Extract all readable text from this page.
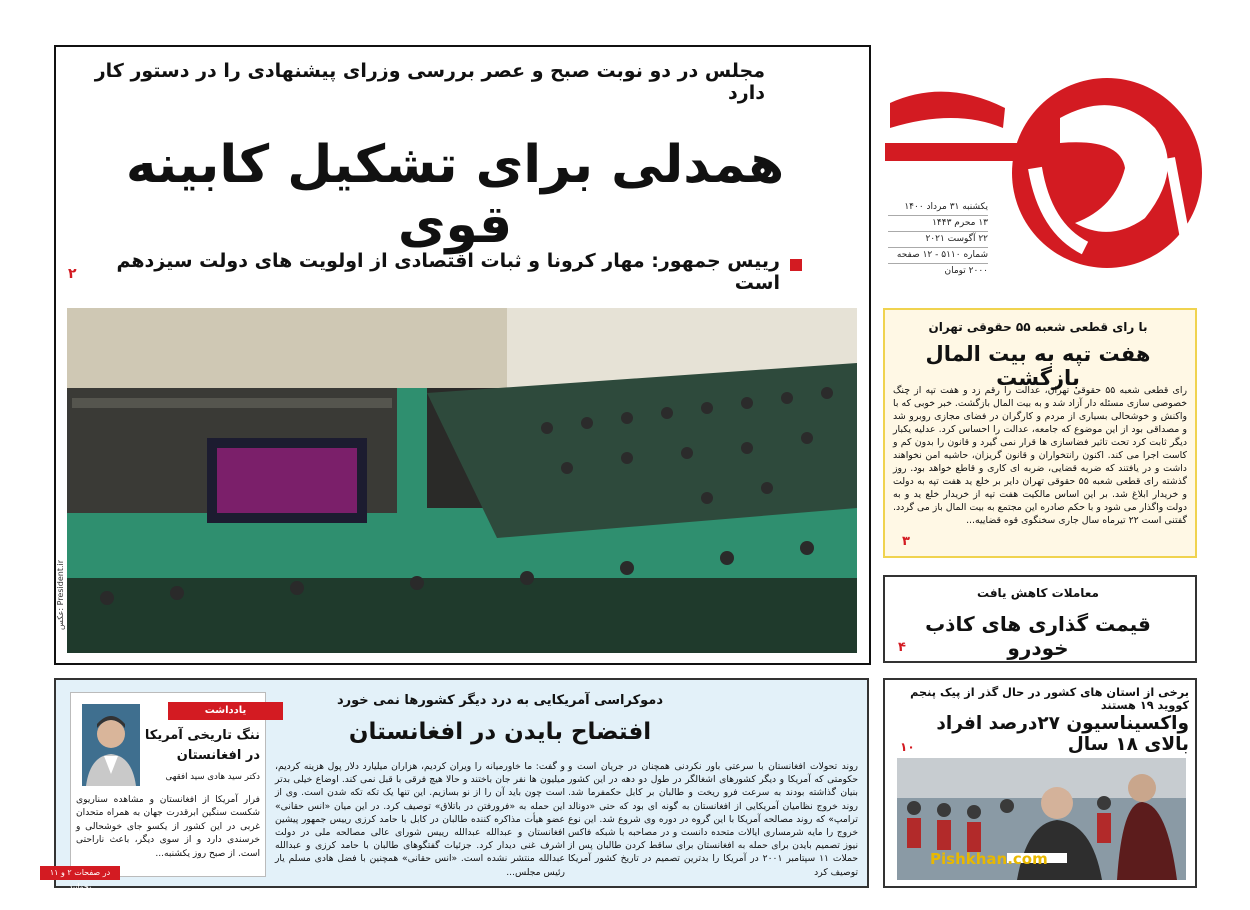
یکشنبه ۳۱ مرداد ۱۴۰۰
۱۳ محرم ۱۴۴۳
۲۲ آگوست ۲۰۲۱
شماره ۵۱۱۰ - ۱۲ صفحه
۲۰۰۰ تومان
مجلس در دو نوبت صبح و عصر بررسی وزرای پیشنهادی را در دستور کار دارد
همدلی برای تشکیل کابینه قوی
رییس جمهور: مهار کرونا و ثبات اقتصادی از اولویت های دولت سیزدهم است
۲
President.ir :عکس
با رای قطعی شعبه ۵۵ حقوقی تهران
هفت تپه به بیت المال بازگشت
رای قطعی شعبه ۵۵ حقوقی تهران، عدالت را رقم زد و هفت تپه از چنگ خصوصی سازی مسئله دار آزاد شد و به بیت المال بازگشت. خبر خوبی که با واکنش و خوشحالی بسیاری از مردم و کارگران در فضای مجازی روبرو شد و مصداقی بود از این موضوع که جامعه، عدالت را احساس کرد. عدلیه یکبار دیگر ثابت کرد تحت تاثیر فضاسازی ها قرار نمی گیرد و قانون را بدون کم و کاست اجرا می کند. اکنون رانتخواران و قانون گریزان، حاشیه امن نخواهند داشت و در یافتند که ضربه قضایی، ضربه ای کاری و قاطع خواهد بود. روز گذشته رای قطعی شعبه ۵۵ حقوقی تهران دایر بر خلع ید هفت تپه به دولت و خریدار ابلاغ شد. بر این اساس مالکیت هفت تپه از خریدار خلع ید و به دولت واگذار می شود و با حکم صادره این مجتمع به بیت المال باز می گردد. گفتنی است ۲۲ تیرماه سال جاری سخنگوی قوه قضاییه...
۳
معاملات کاهش یافت
قیمت گذاری های کاذب خودرو
۴
دموکراسی آمریکایی به درد دیگر کشورها نمی خورد
افتضاح بایدن در افغانستان
روند تحولات افغانستان با سرعتی باور نکردنی همچنان در جریان است و حکومتی که آمریکا و دیگر کشورهای اشغالگر در طول دو دهه در این کشور بنیان گذاشته بودند به سرعت فرو ریخت و طالبان بر کابل حکمفرما شد. روند خروج نظامیان آمریکایی از افغانستان به گونه ای بود که حتی «دونالد ترامپ» که روند مصالحه آمریکا با این گروه در دوره وی شروع شد. این نوع خروج را مایه شرمساری ایالات متحده دانست و در مصاحبه با شبکه فاکس نیوز تصمیم بایدن برای حمله به افغانستان برای ساقط کردن طالبان پس از حملات ۱۱ سپتامبر ۲۰۰۱ در آمریکا را بدترین تصمیم در تاریخ کشور آمریکا توصیف کرد
و گفت: ما خاورمیانه را ویران کردیم، هزاران میلیارد دلار پول هزینه کردیم، میلیون ها نفر جان باختند و حالا هیچ فرقی با قبل نمی کند. اوضاع خیلی بدتر است چون باید آن را از نو بسازیم. این تنها یک تکه تکه شدن است. وی از این حمله به «فرورفتن در باتلاق» توصیف کرد. در این میان «انس حقانی» عضو هیأت مذاکره کننده طالبان در کابل با حامد کرزی رییس جمهور پیشین افغانستان و عبدالله عبدالله رییس شورای عالی مصالحه ملی در دولت اشرف غنی دیدار کرد. جزئیات گفتگوهای طالبان با حامد کرزی و عبدالله عبدالله منتشر نشده است. «انس حقانی» همچنین با فضل هادی مسلم یار رئیس مجلس...
یادداشت
ننگ تاریخی آمریکا در افغانستان
دکتر سید هادی سید افقهی
فرار آمریکا از افغانستان و مشاهده سناریوی شکست سنگین ابرقدرت جهان به همراه متحدان غربی در این کشور از یکسو جای خوشحالی و خرسندی دارد و از سوی دیگر، باعث ناراحتی است. از صبح روز یکشنبه...
در صفحات ۲ و ۱۱ بخوانید
برخی از استان های کشور در حال گذر از پیک پنجم کووید ۱۹ هستند
واکسیناسیون ۲۷درصد افراد بالای ۱۸ سال
۱۰
Pishkhan.com
